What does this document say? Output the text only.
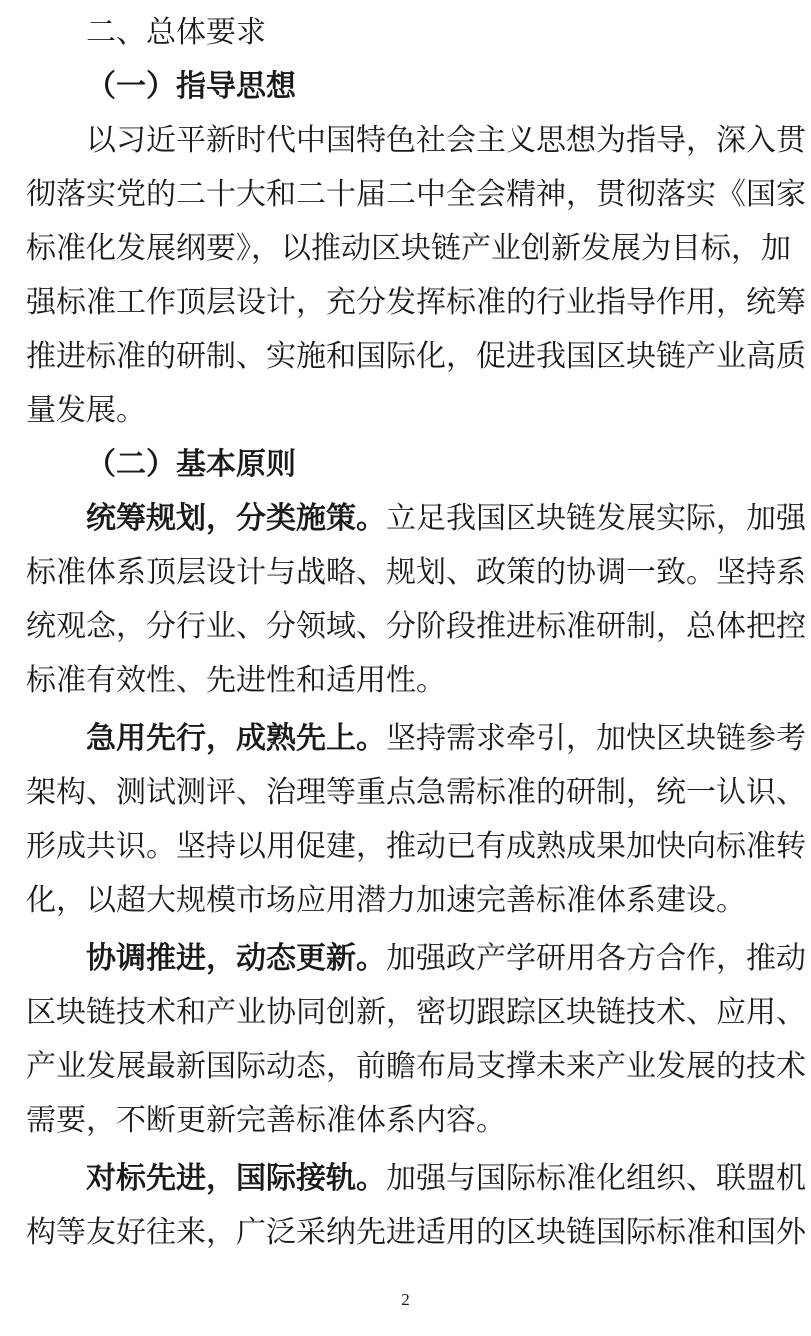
二、总体要求
（一）指导思想
以习近平新时代中国特色社会主义思想为指导，深入贯
彻落实党的二十大和二十届二中全会精神，贯彻落实《国家
标准化发展纲要》，以推动区块链产业创新发展为目标，加
强标准工作顶层设计，充分发挥标准的行业指导作用，统筹
推进标准的研制、实施和国际化，促进我国区块链产业高质
量发展。
（二）基本原则
统筹规划，分类施策。立足我国区块链发展实际，加强
标准体系顶层设计与战略、规划、政策的协调一致。坚持系
统观念，分行业、分领域、分阶段推进标准研制，总体把控
标准有效性、先进性和适用性。
急用先行，成熟先上。坚持需求牵引，加快区块链参考
架构、测试测评、治理等重点急需标准的研制，统一认识、
形成共识。坚持以用促建，推动已有成熟成果加快向标准转
化，以超大规模市场应用潜力加速完善标准体系建设。
协调推进，动态更新。加强政产学研用各方合作，推动
区块链技术和产业协同创新，密切跟踪区块链技术、应用、
产业发展最新国际动态，前瞻布局支撑未来产业发展的技术
需要，不断更新完善标准体系内容。
对标先进，国际接轨。加强与国际标准化组织、联盟机
构等友好往来，广泛采纳先进适用的区块链国际标准和国外
2
